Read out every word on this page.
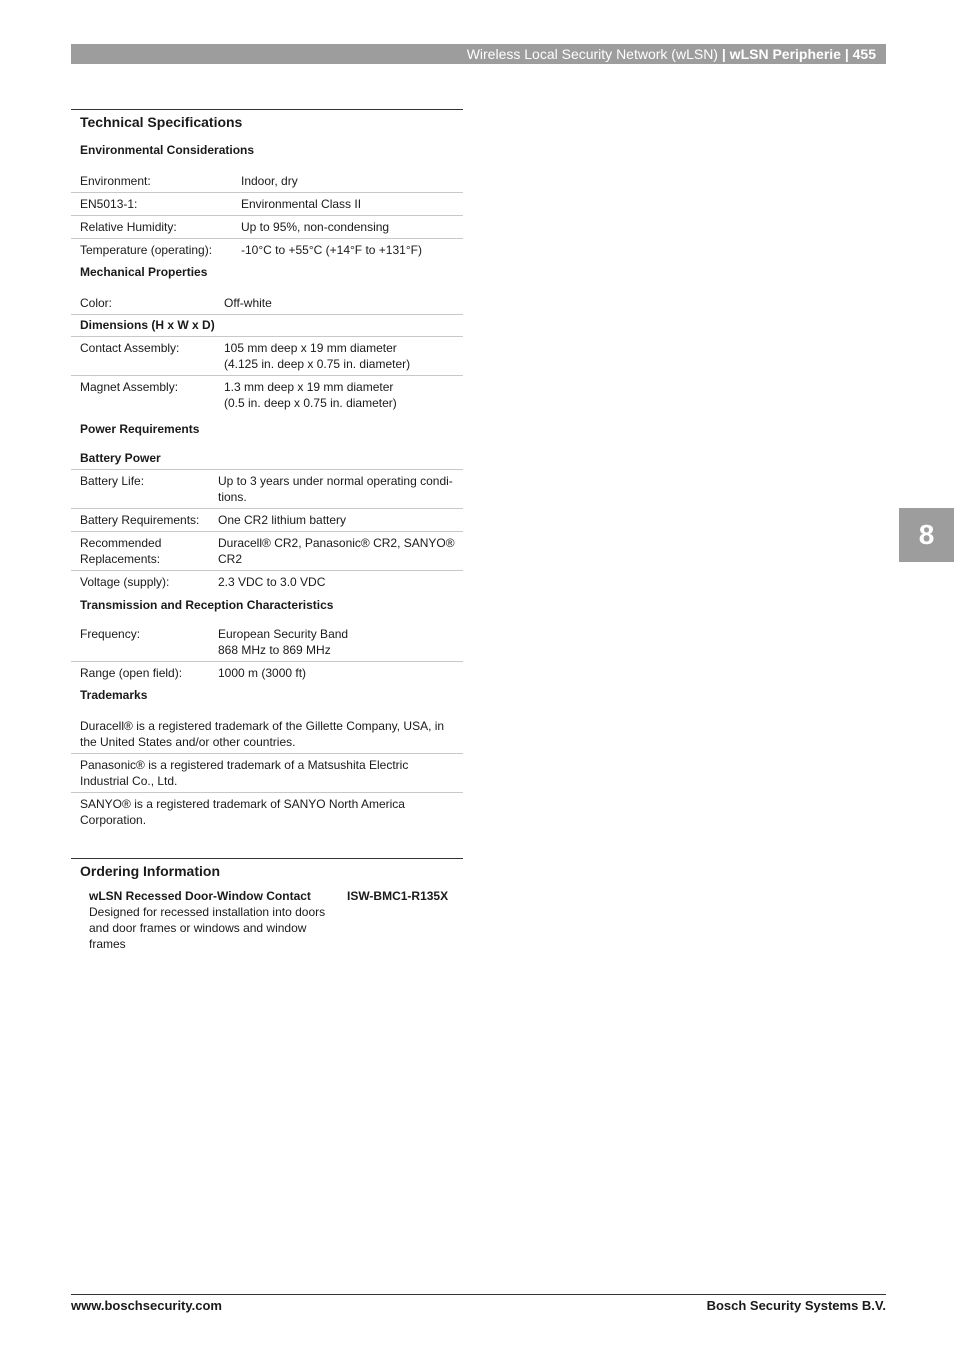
Wireless Local Security Network (wLSN) | wLSN Peripherie | 455
8
Technical Specifications
Environmental Considerations
Environment:	Indoor, dry
EN5013-1:	Environmental Class II
Relative Humidity:	Up to 95%, non-condensing
Temperature (operating):	-10°C to +55°C (+14°F to +131°F)
Mechanical Properties
Color:	Off-white
Dimensions (H x W x D)
Contact Assembly:	105 mm deep x 19 mm diameter
(4.125 in. deep x 0.75 in. diameter)
Magnet Assembly:	1.3 mm deep x 19 mm diameter
(0.5 in. deep x 0.75 in. diameter)
Power Requirements
Battery Power
Battery Life:	Up to 3 years under normal operating condi-tions.
Battery Requirements:	One CR2 lithium battery
Recommended Replacements:
Duracell® CR2, Panasonic® CR2, SANYO® CR2
Voltage (supply):	2.3 VDC to 3.0 VDC
Transmission and Reception Characteristics
Frequency:	European Security Band
868 MHz to 869 MHz
Range (open field):	1000 m (3000 ft)
Trademarks
Duracell® is a registered trademark of the Gillette Company, USA, in the United States and/or other countries.
Panasonic® is a registered trademark of a Matsushita Electric Industrial Co., Ltd.
SANYO® is a registered trademark of SANYO North America Corporation.
Ordering Information
wLSN Recessed Door-Window Contact	ISW-BMC1-R135X
Designed for recessed installation into doors and door frames or windows and window frames
www.boschsecurity.com	Bosch Security Systems B.V.
